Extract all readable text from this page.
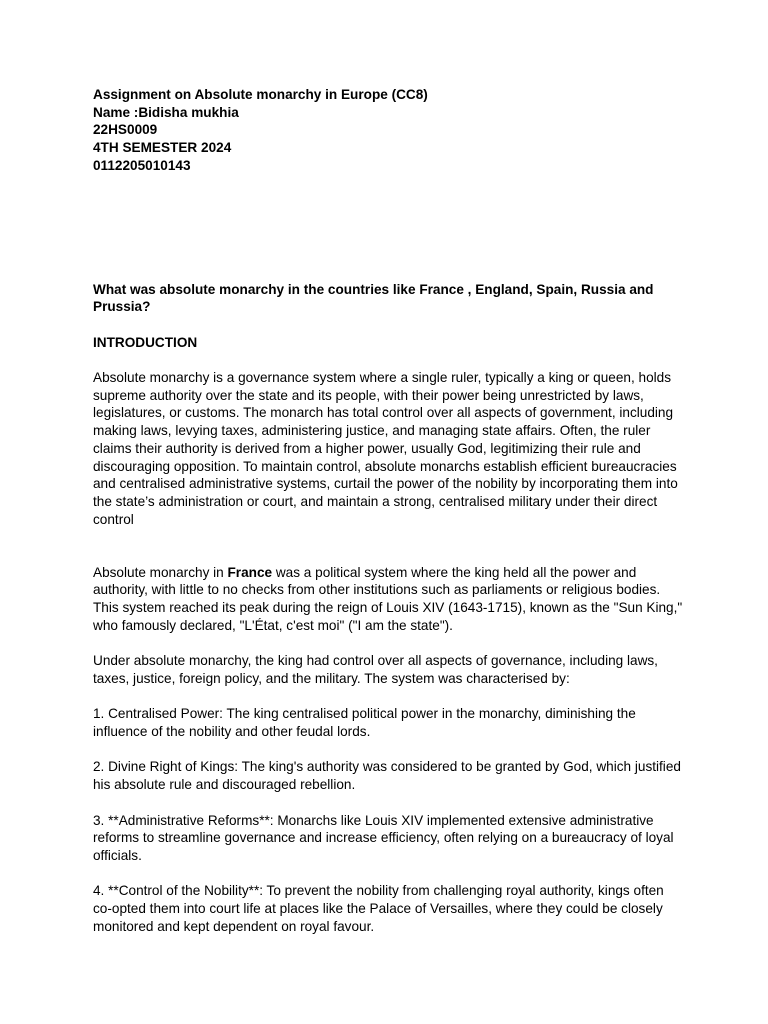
Assignment on Absolute monarchy in Europe (CC8)

Name :Bidisha mukhia

22HS0009

4TH SEMESTER 2024

0112205010143

What was absolute monarchy in the countries like France , England, Spain, Russia and Prussia?

INTRODUCTION

Absolute monarchy is a governance system where a single ruler, typically a king or queen, holds supreme authority over the state and its people, with their power being unrestricted by laws, legislatures, or customs. The monarch has total control over all aspects of government, including making laws, levying taxes, administering justice, and managing state affairs. Often, the ruler claims their authority is derived from a higher power, usually God, legitimizing their rule and discouraging opposition. To maintain control, absolute monarchs establish efficient bureaucracies and centralised administrative systems, curtail the power of the nobility by incorporating them into the state’s administration or court, and maintain a strong, centralised military under their direct control

Absolute monarchy in France was a political system where the king held all the power and authority, with little to no checks from other institutions such as parliaments or religious bodies. This system reached its peak during the reign of Louis XIV (1643-1715), known as the "Sun King," who famously declared, "L'État, c'est moi" ("I am the state").

Under absolute monarchy, the king had control over all aspects of governance, including laws, taxes, justice, foreign policy, and the military. The system was characterised by:

1. Centralised Power: The king centralised political power in the monarchy, diminishing the influence of the nobility and other feudal lords.

2. Divine Right of Kings: The king's authority was considered to be granted by God, which justified his absolute rule and discouraged rebellion.

3. **Administrative Reforms**: Monarchs like Louis XIV implemented extensive administrative reforms to streamline governance and increase efficiency, often relying on a bureaucracy of loyal officials.

4. **Control of the Nobility**: To prevent the nobility from challenging royal authority, kings often co-opted them into court life at places like the Palace of Versailles, where they could be closely monitored and kept dependent on royal favour.
